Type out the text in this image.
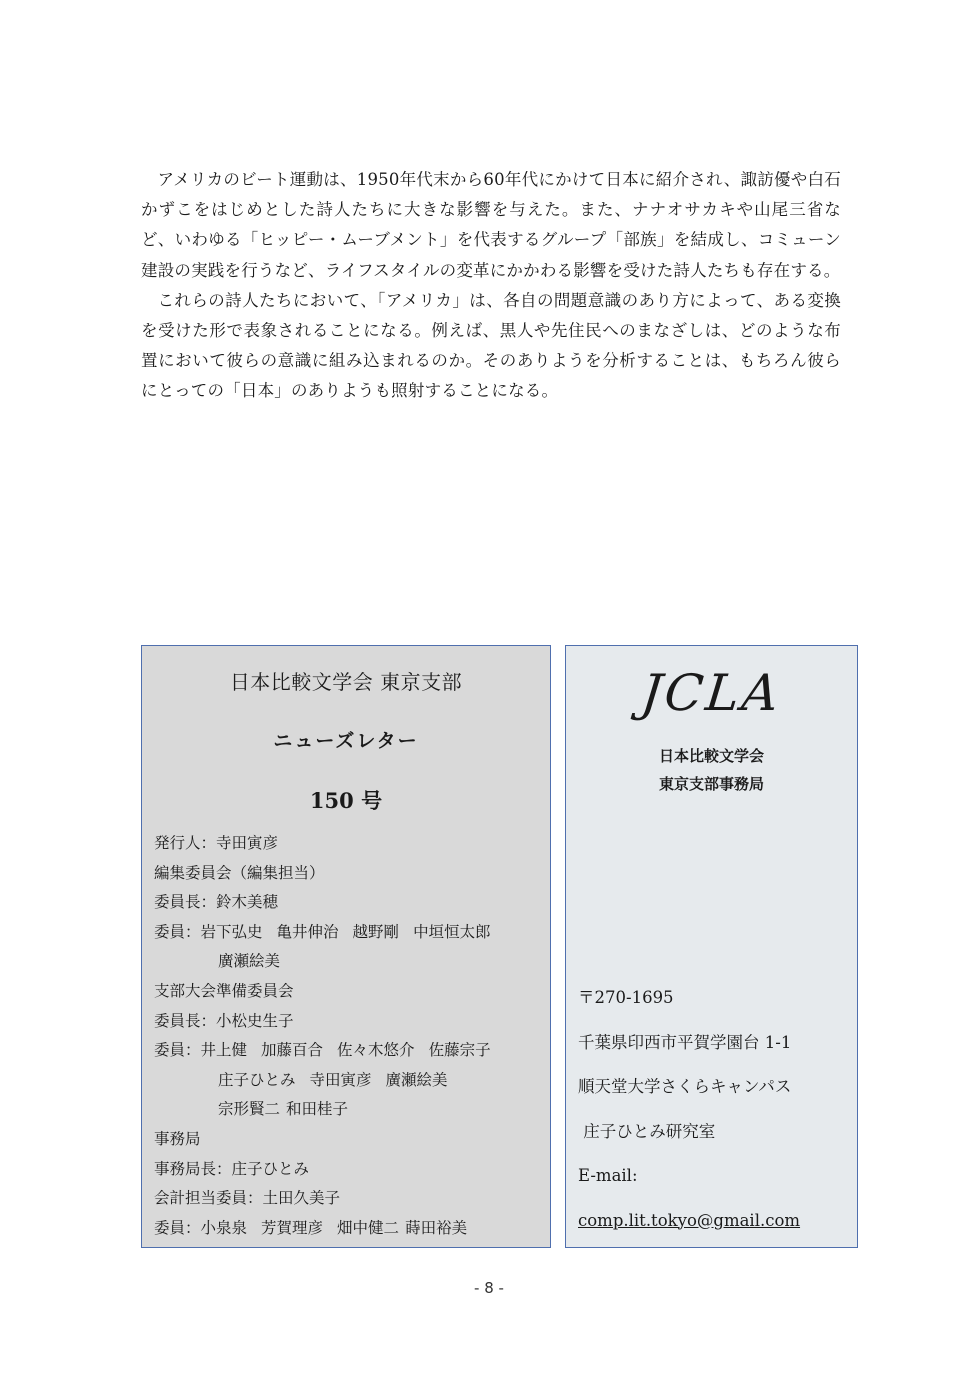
アメリカのビート運動は、1950年代末から60年代にかけて日本に紹介され、諏訪優や白石かずこをはじめとした詩人たちに大きな影響を与えた。また、ナナオサカキや山尾三省など、いわゆる「ヒッピー・ムーブメント」を代表するグループ「部族」を結成し、コミューン建設の実践を行うなど、ライフスタイルの変革にかかわる影響を受けた詩人たちも存在する。

これらの詩人たちにおいて、「アメリカ」は、各自の問題意識のあり方によって、ある変換を受けた形で表象されることになる。例えば、黒人や先住民へのまなざしは、どのような布置において彼らの意識に組み込まれるのか。そのありようを分析することは、もちろん彼らにとっての「日本」のありようも照射することになる。

日本比較文学会 東京支部
ニューズレター
150 号
発行人：寺田寅彦
編集委員会（編集担当）
委員長：鈴木美穂
委員：岩下弘史 亀井伸治 越野剛 中垣恒太郎
廣瀬絵美
支部大会準備委員会
委員長：小松史生子
委員：井上健 加藤百合 佐々木悠介 佐藤宗子
庄子ひとみ 寺田寅彦 廣瀬絵美
宗形賢二 和田桂子
事務局
事務局長：庄子ひとみ
会計担当委員：土田久美子
委員：小泉泉 芳賀理彦 畑中健二 蒔田裕美
JCLA
日本比較文学会
東京支部事務局
〒270-1695
千葉県印西市平賀学園台 1-1
順天堂大学さくらキャンパス
庄子ひとみ研究室
E-mail:
comp.lit.tokyo@gmail.com
- 8 -
